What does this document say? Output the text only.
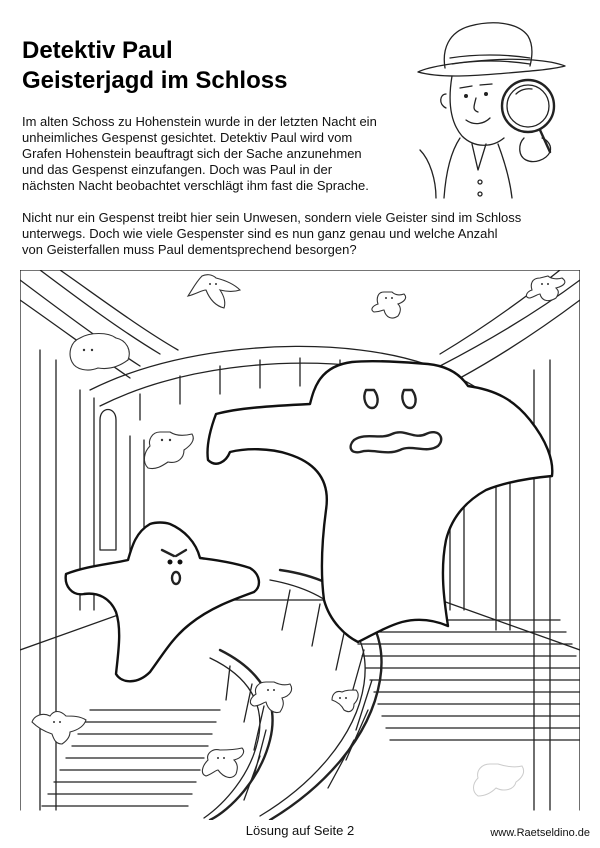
Detektiv Paul
Geisterjagd im Schloss
Im alten Schoss zu Hohenstein wurde in der letzten Nacht ein
unheimliches Gespenst gesichtet. Detektiv Paul wird vom
Grafen Hohenstein beauftragt sich der Sache anzunehmen
und das Gespenst einzufangen. Doch was Paul in der
nächsten Nacht beobachtet verschlägt ihm fast die Sprache.
Nicht nur ein Gespenst treibt hier sein Unwesen, sondern viele Geister sind im Schloss
unterwegs. Doch wie viele Gespenster sind es nun ganz genau und welche Anzahl
von Geisterfallen muss Paul dementsprechend besorgen?
Lösung auf Seite 2	www.Raetseldino.de
